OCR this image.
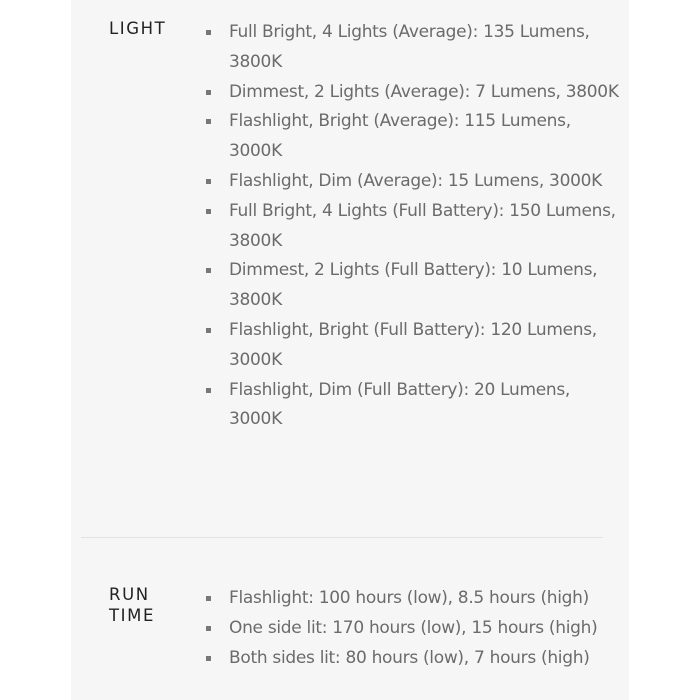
LIGHT	Full Bright, 4 Lights (Average): 135 Lumens, 3800K
Dimmest, 2 Lights (Average): 7 Lumens, 3800K
Flashlight, Bright (Average): 115 Lumens, 3000K
Flashlight, Dim (Average): 15 Lumens, 3000K
Full Bright, 4 Lights (Full Battery): 150 Lumens, 3800K
Dimmest, 2 Lights (Full Battery): 10 Lumens, 3800K
Flashlight, Bright (Full Battery): 120 Lumens, 3000K
Flashlight, Dim (Full Battery): 20 Lumens, 3000K
RUN
TIME
Flashlight: 100 hours (low), 8.5 hours (high)
One side lit: 170 hours (low), 15 hours (high)
Both sides lit: 80 hours (low), 7 hours (high)
